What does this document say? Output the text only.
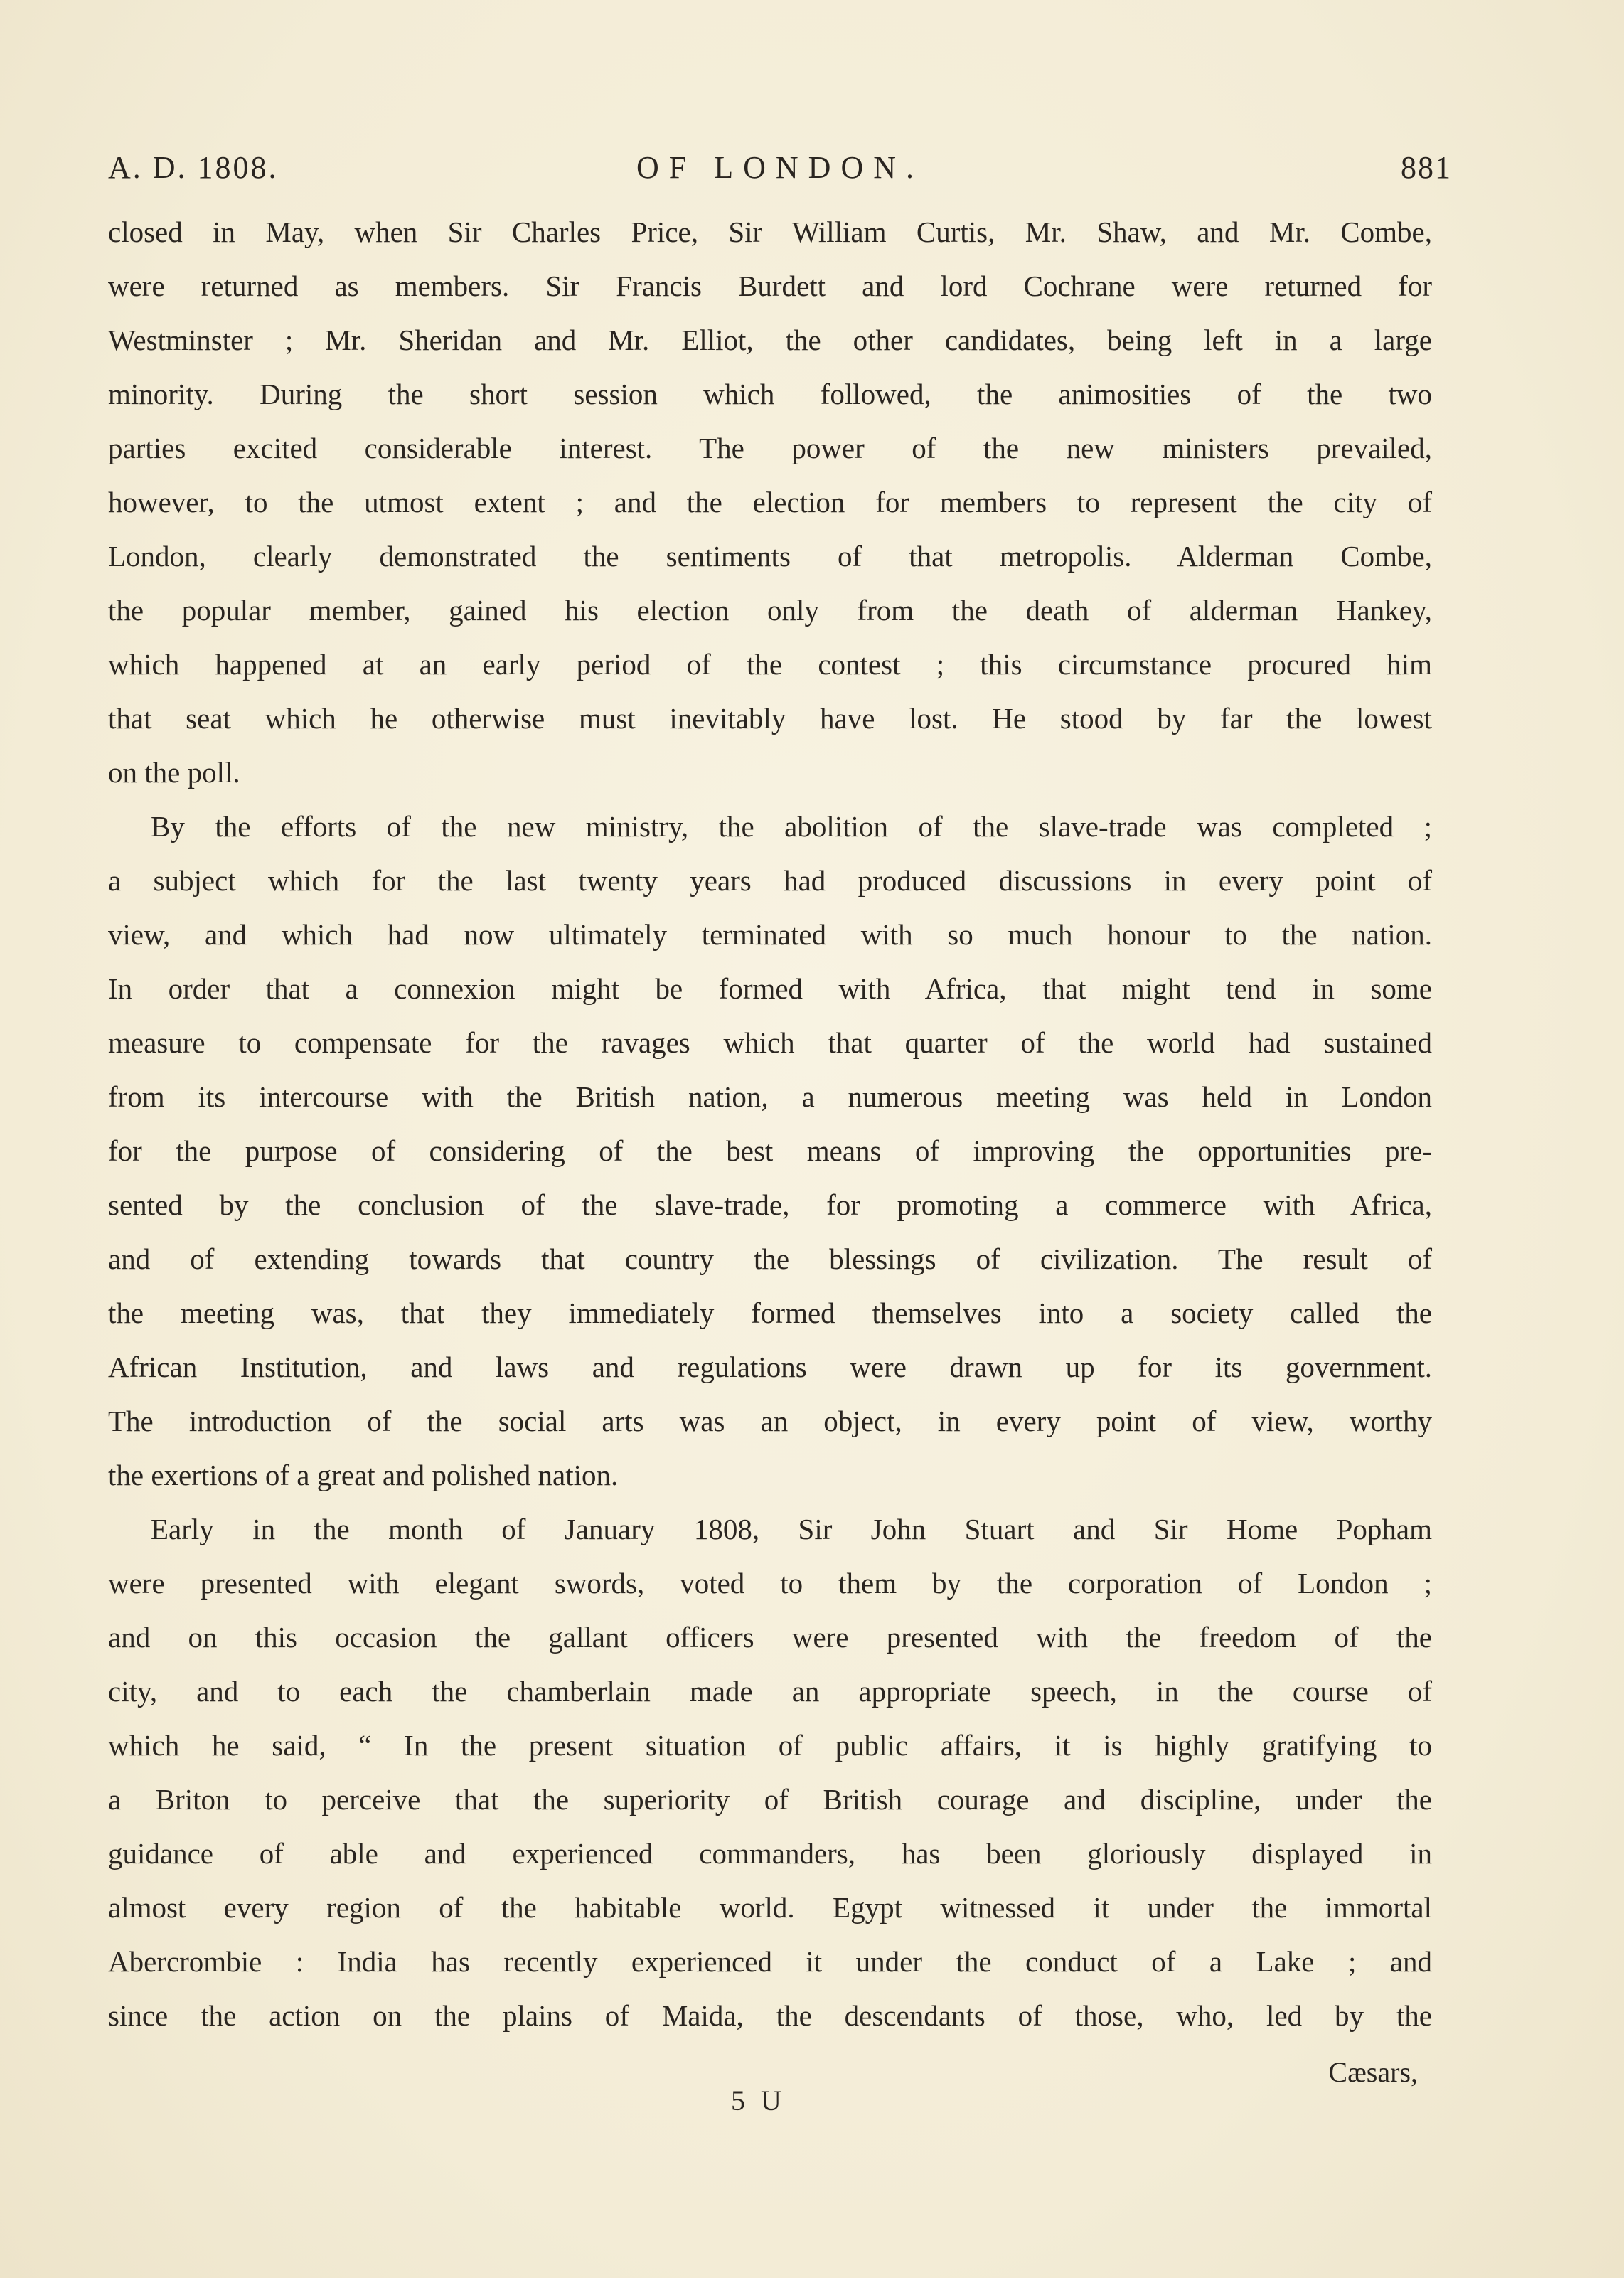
A. D. 1808.	OF LONDON.	881
closed in May, when Sir Charles Price, Sir William Curtis, Mr. Shaw, and Mr. Combe,
were returned as members. Sir Francis Burdett and lord Cochrane were returned for
Westminster ; Mr. Sheridan and Mr. Elliot, the other candidates, being left in a large
minority. During the short session which followed, the animosities of the two
parties excited considerable interest. The power of the new ministers prevailed,
however, to the utmost extent ; and the election for members to represent the city of
London, clearly demonstrated the sentiments of that metropolis. Alderman Combe,
the popular member, gained his election only from the death of alderman Hankey,
which happened at an early period of the contest ; this circumstance procured him
that seat which he otherwise must inevitably have lost. He stood by far the lowest
on the poll.
By the efforts of the new ministry, the abolition of the slave-trade was completed ;
a subject which for the last twenty years had produced discussions in every point of
view, and which had now ultimately terminated with so much honour to the nation.
In order that a connexion might be formed with Africa, that might tend in some
measure to compensate for the ravages which that quarter of the world had sustained
from its intercourse with the British nation, a numerous meeting was held in London
for the purpose of considering of the best means of improving the opportunities pre-
sented by the conclusion of the slave-trade, for promoting a commerce with Africa,
and of extending towards that country the blessings of civilization. The result of
the meeting was, that they immediately formed themselves into a society called the
African Institution, and laws and regulations were drawn up for its government.
The introduction of the social arts was an object, in every point of view, worthy
the exertions of a great and polished nation.
Early in the month of January 1808, Sir John Stuart and Sir Home Popham
were presented with elegant swords, voted to them by the corporation of London ;
and on this occasion the gallant officers were presented with the freedom of the
city, and to each the chamberlain made an appropriate speech, in the course of
which he said, “ In the present situation of public affairs, it is highly gratifying to
a Briton to perceive that the superiority of British courage and discipline, under the
guidance of able and experienced commanders, has been gloriously displayed in
almost every region of the habitable world. Egypt witnessed it under the immortal
Abercrombie : India has recently experienced it under the conduct of a Lake ; and
since the action on the plains of Maida, the descendants of those, who, led by the
5 U
Cæsars,
